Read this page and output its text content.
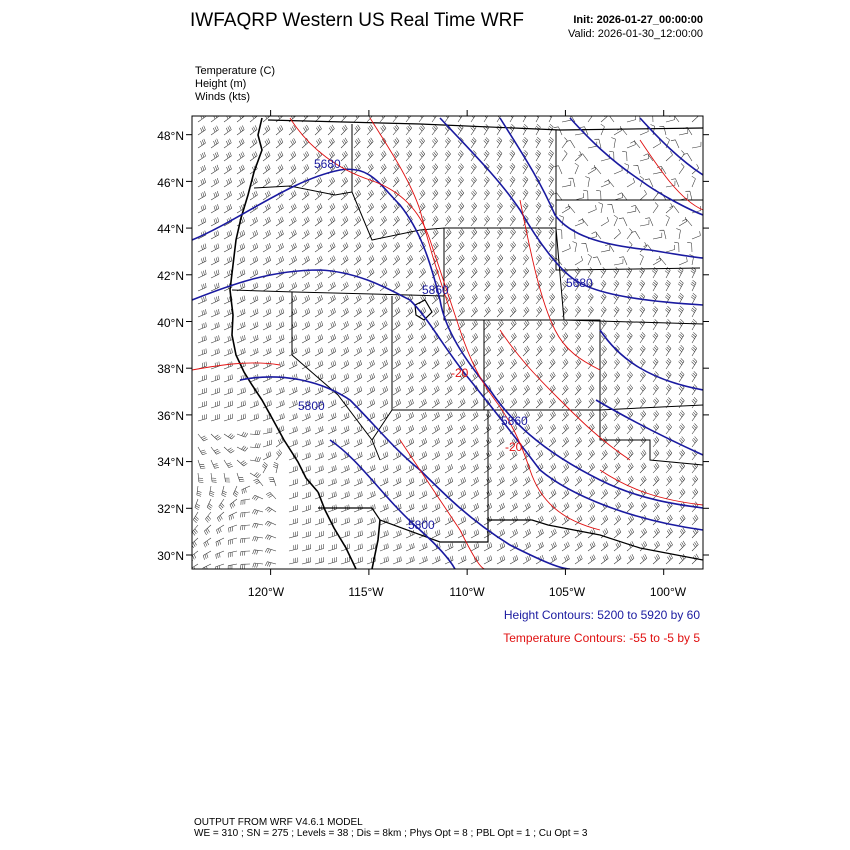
IWFAQRP Western US Real Time WRF	Init: 2026-01-27_00:00:00
Valid: 2026-01-30_12:00:00
Temperature (C)
Height (m)
Winds (kts)
5680
5800
5860	5680
5860
5800
-20
-20
48°N
46°N
44°N
42°N
40°N
38°N
36°N
34°N
32°N
30°N
120°W	115°W	110°W	105°W	100°W
Height Contours: 5200 to 5920 by 60
Temperature Contours: -55 to -5 by 5
OUTPUT FROM WRF V4.6.1 MODEL
WE = 310 ; SN = 275 ; Levels = 38 ; Dis = 8km ; Phys Opt = 8 ; PBL Opt = 1 ; Cu Opt = 3
